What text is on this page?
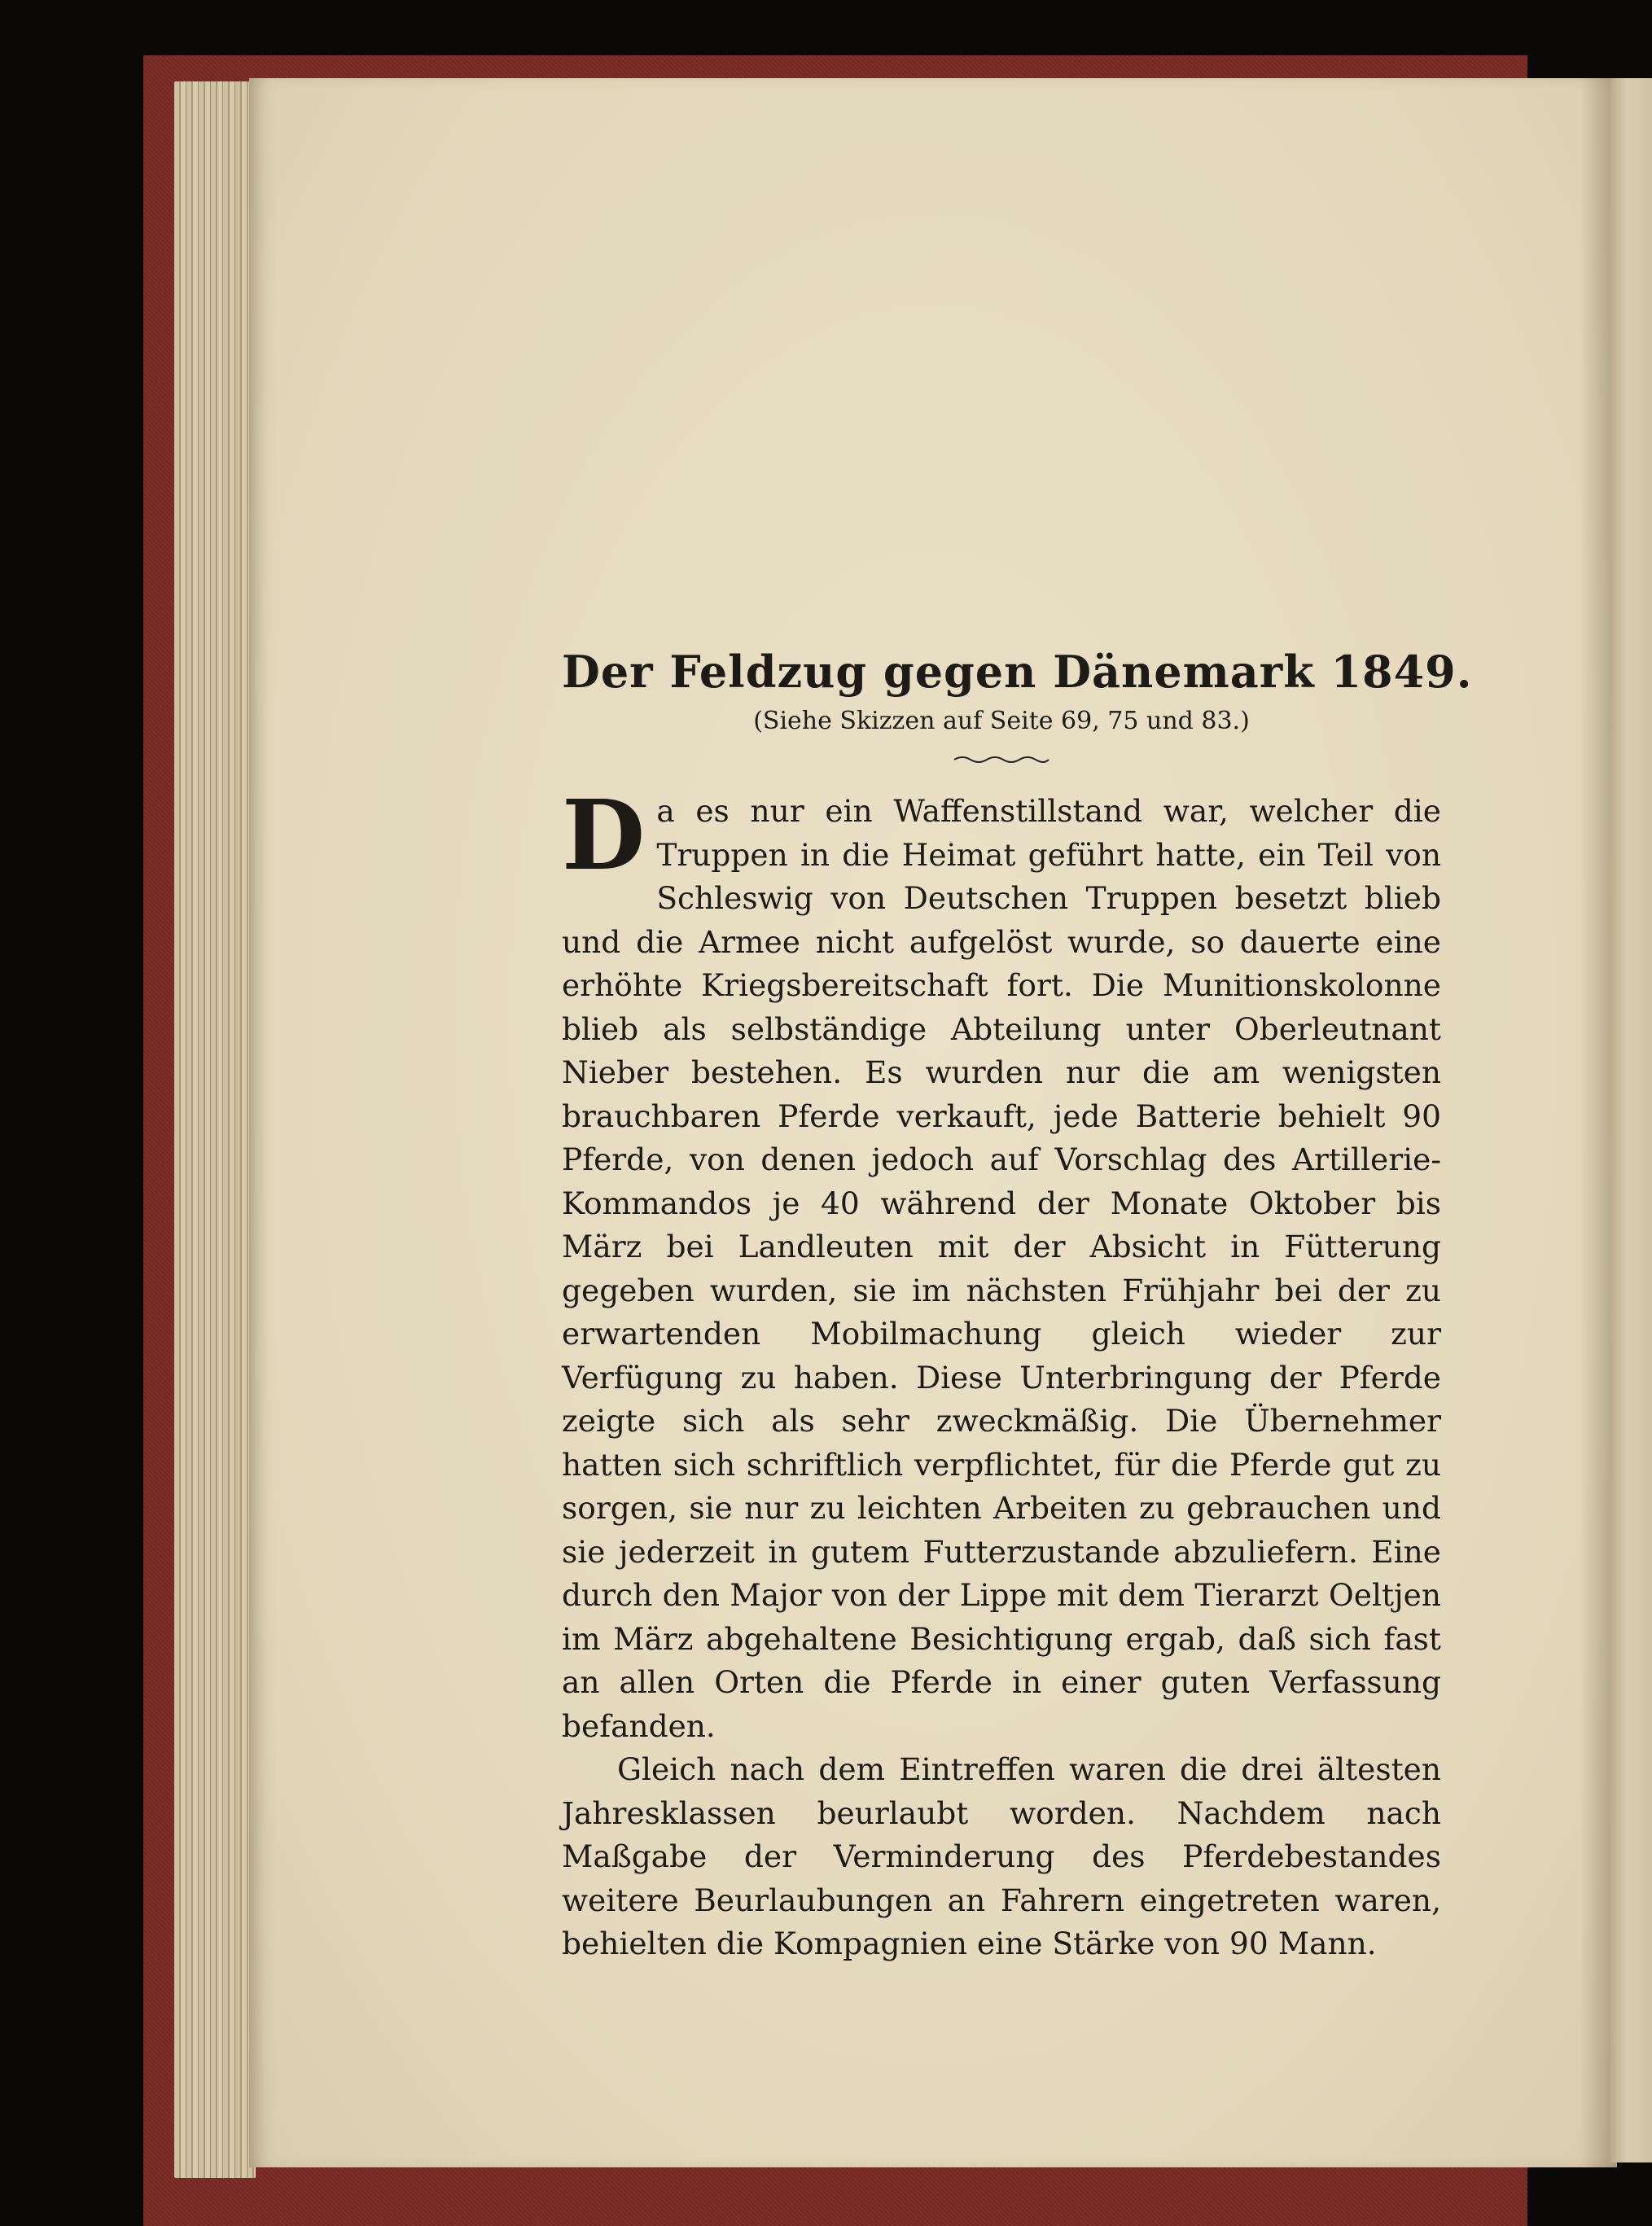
Der Feldzug gegen Dänemark 1849.
(Siehe Skizzen auf Seite 69, 75 und 83.)
Da es nur ein Waffenstillstand war, welcher die Truppen in die Heimat geführt hatte, ein Teil von Schleswig von Deutschen Truppen besetzt blieb und die Armee nicht aufgelöst wurde, so dauerte eine erhöhte Kriegsbereitschaft fort. Die Munitionskolonne blieb als selbständige Abteilung unter Oberleutnant Nieber bestehen. Es wurden nur die am wenigsten brauchbaren Pferde verkauft, jede Batterie behielt 90 Pferde, von denen jedoch auf Vorschlag des Artillerie-Kommandos je 40 während der Monate Oktober bis März bei Landleuten mit der Absicht in Fütterung gegeben wurden, sie im nächsten Frühjahr bei der zu erwartenden Mobilmachung gleich wieder zur Verfügung zu haben. Diese Unterbringung der Pferde zeigte sich als sehr zweckmäßig. Die Übernehmer hatten sich schriftlich verpflichtet, für die Pferde gut zu sorgen, sie nur zu leichten Arbeiten zu gebrauchen und sie jederzeit in gutem Futterzustande abzuliefern. Eine durch den Major von der Lippe mit dem Tierarzt Oeltjen im März abgehaltene Besichtigung ergab, daß sich fast an allen Orten die Pferde in einer guten Verfassung befanden.
Gleich nach dem Eintreffen waren die drei ältesten Jahresklassen beurlaubt worden. Nachdem nach Maßgabe der Verminderung des Pferdebestandes weitere Beurlaubungen an Fahrern eingetreten waren, behielten die Kompagnien eine Stärke von 90 Mann.
